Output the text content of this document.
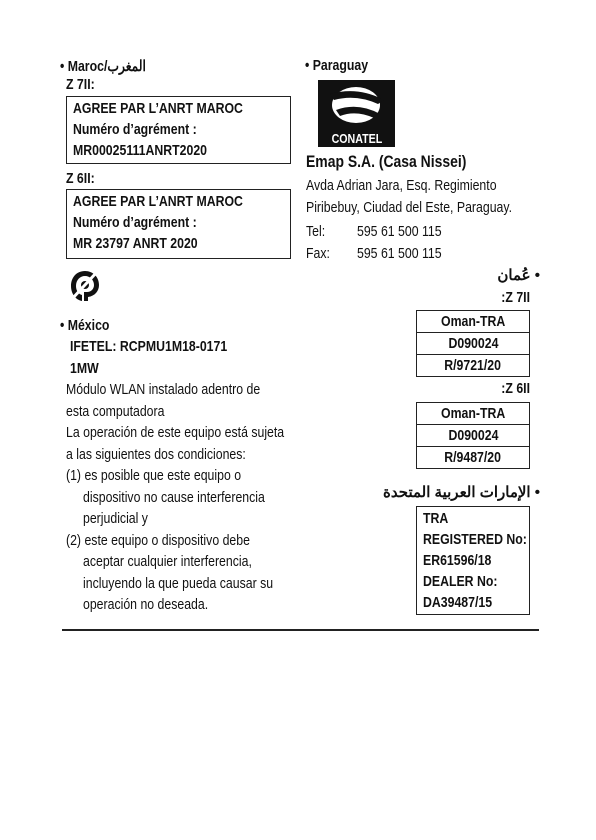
• Maroc/المغرب
Z 7II:
AGREE PAR L’ANRT MAROC
Numéro d’agrément :
MR00025111ANRT2020
Z 6II:
AGREE PAR L’ANRT MAROC
Numéro d’agrément :
MR 23797 ANRT 2020
• México
IFETEL: RCPMU1M18-0171
1MW
Módulo WLAN instalado adentro de
esta computadora
La operación de este equipo está sujeta
a las siguientes dos condiciones:
(1) es posible que este equipo o
dispositivo no cause interferencia
perjudicial y
(2) este equipo o dispositivo debe
aceptar cualquier interferencia,
incluyendo la que pueda causar su
operación no deseada.
• Paraguay
CONATEL
Emap S.A. (Casa Nissei)
Avda Adrian Jara, Esq. Regimiento
Piribebuy, Ciudad del Este, Paraguay.
Tel: 595 61 500 115
Fax:	595 61 500 115
• عُمان
:Z 7II
Oman-TRA
D090024
R/9721/20
:Z 6II
Oman-TRA
D090024
R/9487/20
• الإمارات العربية المتحدة
TRA
REGISTERED No:
ER61596/18
DEALER No:
DA39487/15
